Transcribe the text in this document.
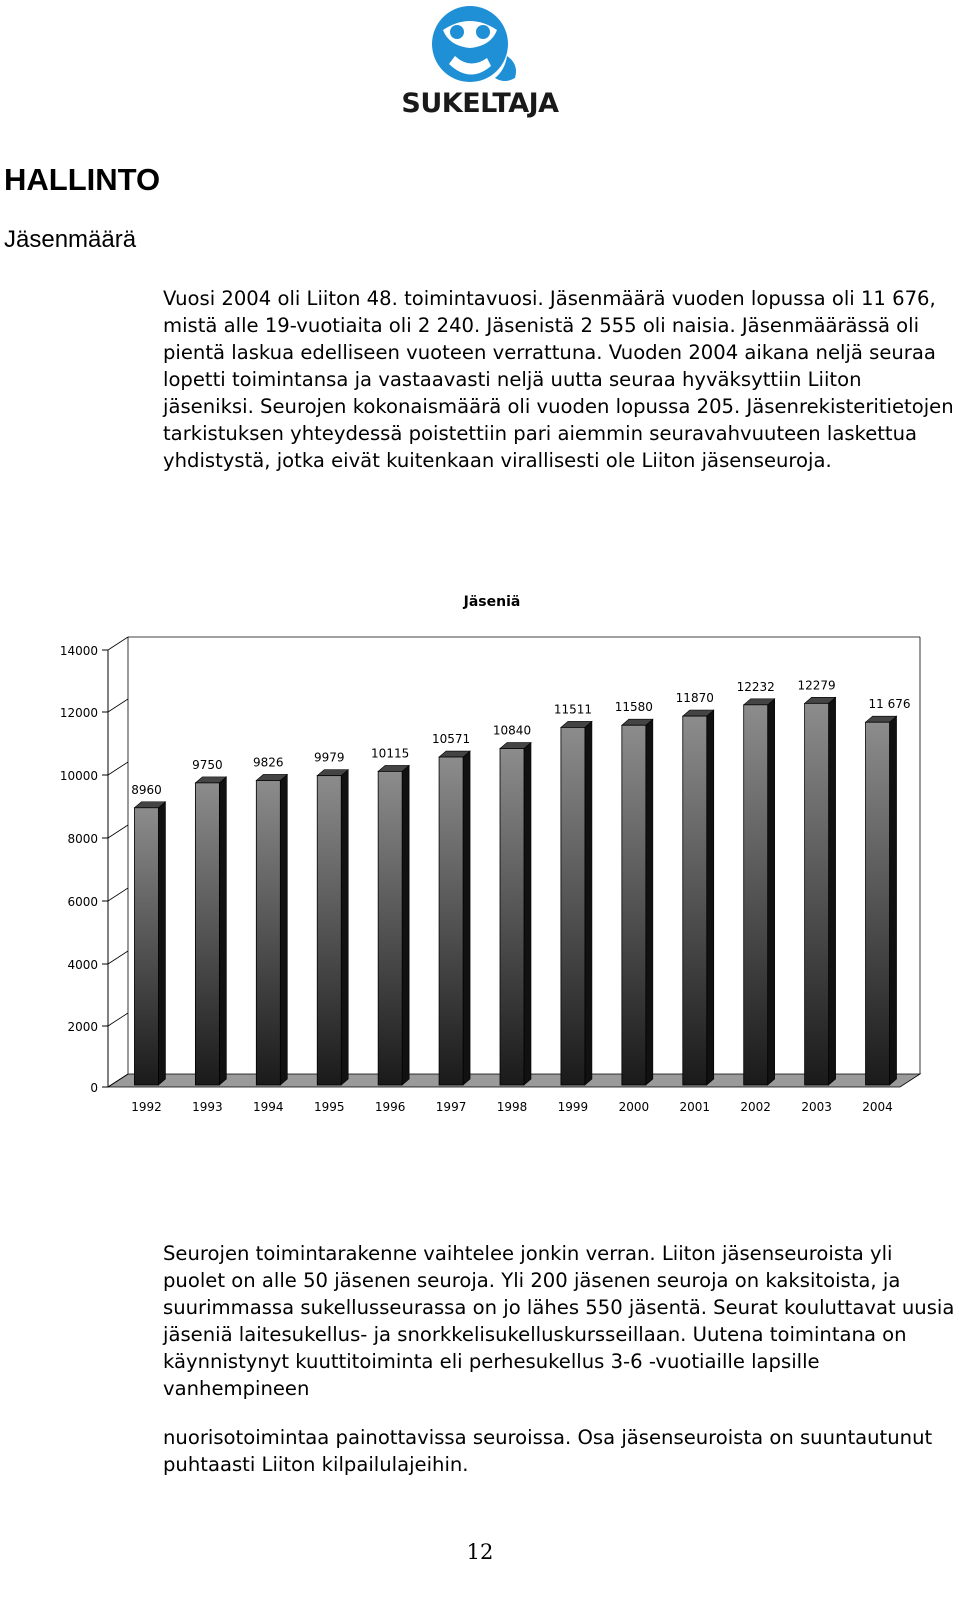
SUKELTAJA
HALLINTO
Jäsenmäärä

Vuosi 2004 oli Liiton 48. toimintavuosi. Jäsenmäärä vuoden lopussa oli 11 676, mistä alle 19-vuotiaita oli 2 240. Jäsenistä 2 555 oli naisia. Jäsenmäärässä oli pientä laskua edelliseen vuoteen verrattuna. Vuoden 2004 aikana neljä seuraa lopetti toimintansa ja vastaavasti neljä uutta seuraa hyväksyttiin Liiton jäseniksi. Seurojen kokonaismäärä oli vuoden lopussa 205. Jäsenrekisteritietojen tarkistuksen yhteydessä poistettiin pari aiemmin seuravahvuuteen laskettua yhdistystä, jotka eivät kuitenkaan virallisesti ole Liiton jäsenseuroja.

Jäseniä
0
2000
4000
6000
8000
10000
12000
14000
8960
1992
9750
1993
9826
1994
9979
1995
10115
1996
10571
1997
10840
1998
11511
1999
11580
2000
11870
2001
12232
2002
12279
2003
11 676
2004

Seurojen toimintarakenne vaihtelee jonkin verran. Liiton jäsenseuroista yli puolet on alle 50 jäsenen seuroja. Yli 200 jäsenen seuroja on kaksitoista, ja suurimmassa sukellusseurassa on jo lähes 550 jäsentä. Seurat kouluttavat uusia jäseniä laitesukellus- ja snorkkelisukelluskursseillaan. Uutena toimintana on käynnistynyt kuuttitoiminta eli perhesukellus 3-6 -vuotiaille lapsille vanhempineen

nuorisotoimintaa painottavissa seuroissa. Osa jäsenseuroista on suuntautunut puhtaasti Liiton kilpailulajeihin.

12
